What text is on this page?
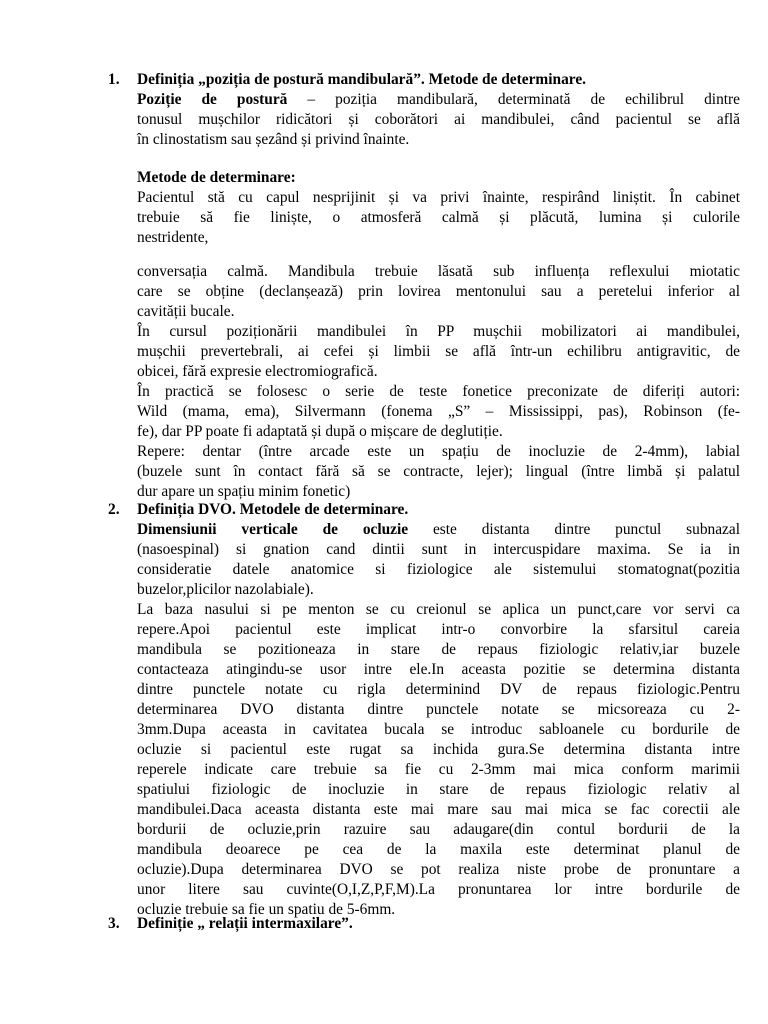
1. Definiția „poziția de postură mandibulară”. Metode de determinare.
Poziție de postură – poziția mandibulară, determinată de echilibrul dintre
tonusul mușchilor ridicători și coborători ai mandibulei, când pacientul se află
în clinostatism sau șezând și privind înainte.
Metode de determinare:
Pacientul stă cu capul nesprijinit și va privi înainte, respirând liniștit. În cabinet
trebuie să fie liniște, o atmosferă calmă și plăcută, lumina și culorile
nestridente,
conversația calmă. Mandibula trebuie lăsată sub influența reflexului miotatic
care se obține (declanșează) prin lovirea mentonului sau a peretelui inferior al
cavității bucale.
În cursul poziționării mandibulei în PP mușchii mobilizatori ai mandibulei,
mușchii prevertebrali, ai cefei și limbii se află într-un echilibru antigravitic, de
obicei, fără expresie electromiografică.
În practică se folosesc o serie de teste fonetice preconizate de diferiți autori:
Wild (mama, ema), Silvermann (fonema „S” – Mississippi, pas), Robinson (fe-
fe), dar PP poate fi adaptată și după o mișcare de deglutiție.
Repere: dentar (între arcade este un spațiu de inocluzie de 2-4mm), labial
(buzele sunt în contact fără să se contracte, lejer); lingual (între limbă și palatul
dur apare un spațiu minim fonetic)
2. Definiția DVO. Metodele de determinare.
Dimensiunii verticale de ocluzie este distanta dintre punctul subnazal
(nasoespinal) si gnation cand dintii sunt in intercuspidare maxima. Se ia in
consideratie datele anatomice si fiziologice ale sistemului stomatognat(pozitia
buzelor,plicilor nazolabiale).
La baza nasului si pe menton se cu creionul se aplica un punct,care vor servi ca
repere.Apoi pacientul este implicat intr-o convorbire la sfarsitul careia
mandibula se pozitioneaza in stare de repaus fiziologic relativ,iar buzele
contacteaza atingindu-se usor intre ele.In aceasta pozitie se determina distanta
dintre punctele notate cu rigla determinind DV de repaus fiziologic.Pentru
determinarea DVO distanta dintre punctele notate se micsoreaza cu 2-
3mm.Dupa aceasta in cavitatea bucala se introduc sabloanele cu bordurile de
ocluzie si pacientul este rugat sa inchida gura.Se determina distanta intre
reperele indicate care trebuie sa fie cu 2-3mm mai mica conform marimii
spatiului fiziologic de inocluzie in stare de repaus fiziologic relativ al
mandibulei.Daca aceasta distanta este mai mare sau mai mica se fac corectii ale
bordurii de ocluzie,prin razuire sau adaugare(din contul bordurii de la
mandibula deoarece pe cea de la maxila este determinat planul de
ocluzie).Dupa determinarea DVO se pot realiza niste probe de pronuntare a
unor litere sau cuvinte(O,I,Z,P,F,M).La pronuntarea lor intre bordurile de
ocluzie trebuie sa fie un spatiu de 5-6mm.
3. Definiție „ relații intermaxilare”.
